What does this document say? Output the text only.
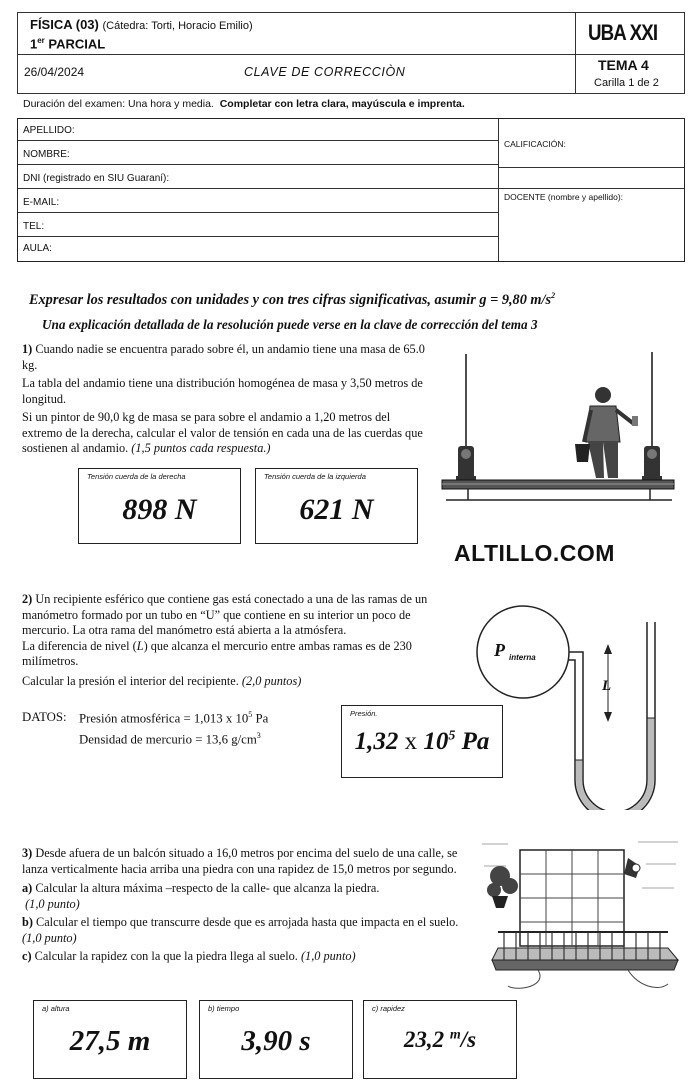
FÍSICA (03) (Cátedra: Torti, Horacio Emilio)
1er PARCIAL	UBA XXI
26/04/2024	CLAVE DE CORRECCIÒN	TEMA 4
Carilla 1 de 2
Duración del examen: Una hora y media. Completar con letra clara, mayúscula e imprenta.
APELLIDO:
NOMBRE:
DNI (registrado en SIU Guaraní):
E-MAIL:
TEL:
AULA:
CALIFICACIÓN:
DOCENTE (nombre y apellido):
Expresar los resultados con unidades y con tres cifras significativas, asumir g = 9,80 $m/s^2$
Una explicación detallada de la resolución puede verse en la clave de corrección del tema 3

1) Cuando nadie se encuentra parado sobre él, un andamio tiene una masa de 65.0 kg.

La tabla del andamio tiene una distribución homogénea de masa y 3,50 metros de longitud.

Si un pintor de 90,0 kg de masa se para sobre el andamio a 1,20 metros del extremo de la derecha, calcular el valor de tensión en cada una de las cuerdas que sostienen al andamio. (1,5 puntos cada respuesta.)

Tensión cuerda de la derecha
898 N
Tensión cuerda de la izquierda
621 N
ALTILLO.COM

2) Un recipiente esférico que contiene gas está conectado a una de las ramas de un manómetro formado por un tubo en “U” que contiene en su interior un poco de mercurio. La otra rama del manómetro está abierta a la atmósfera.

La diferencia de nivel (L) que alcanza el mercurio entre ambas ramas es de 230 milímetros.

Calcular la presión el interior del recipiente. (2,0 puntos)

DATOS: Presión atmosférica = 1,013 x $10^5$ Pa
Densidad de mercurio = 13,6 $g/cm^3$
Presión.
1,32 x $10^5$ Pa
L
P interna

3) Desde afuera de un balcón situado a 16,0 metros por encima del suelo de una calle, se lanza verticalmente hacia arriba una piedra con una rapidez de 15,0 metros por segundo.

a) Calcular la altura máxima –respecto de la calle- que alcanza la piedra.
(1,0 punto)

b) Calcular el tiempo que transcurre desde que es arrojada hasta que impacta en el suelo. (1,0 punto)

c) Calcular la rapidez con la que la piedra llega al suelo. (1,0 punto)

a) altura
27,5 m
b) tiempo
3,90 s
c) rapidez
23,2 $^m$/s
